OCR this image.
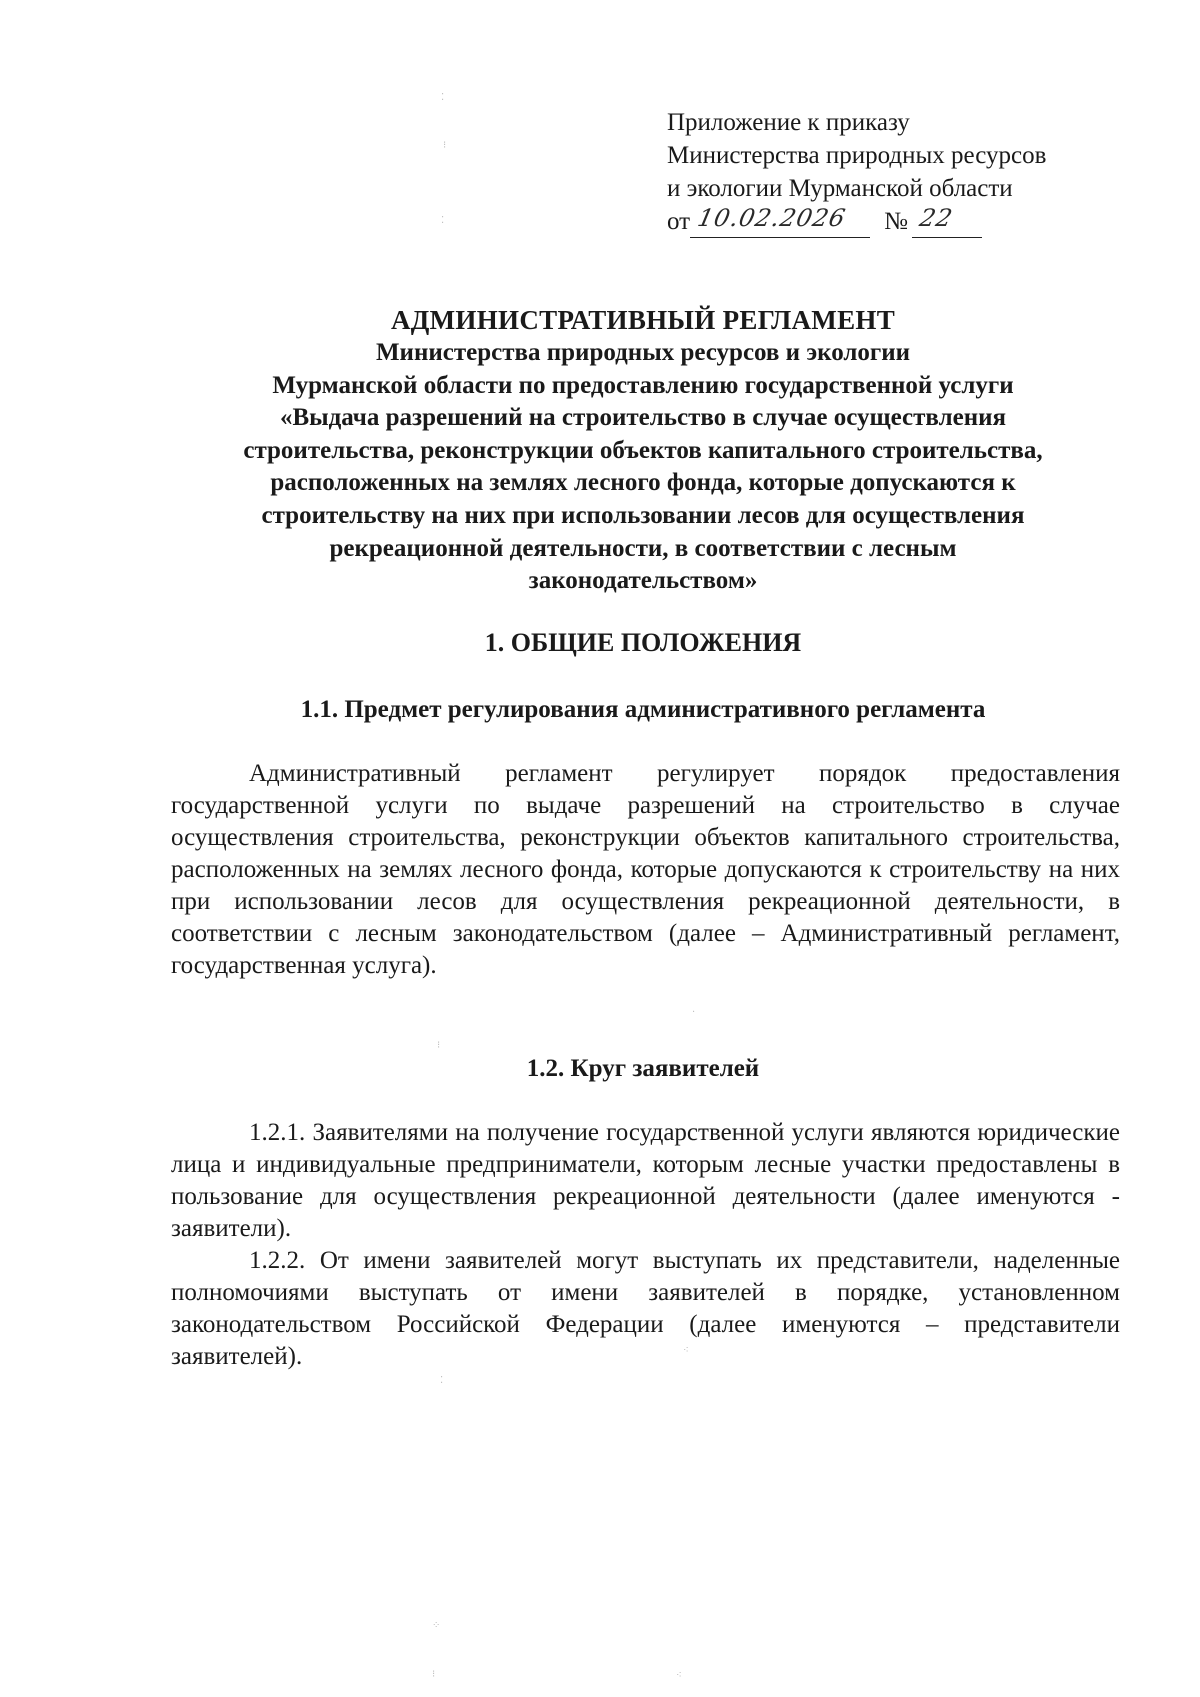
Приложение к приказу
Министерства природных ресурсов
и экологии Мурманской области
от 10.02.2026 № 22
АДМИНИСТРАТИВНЫЙ РЕГЛАМЕНТ
Министерства природных ресурсов и экологии
Мурманской области по предоставлению государственной услуги
«Выдача разрешений на строительство в случае осуществления
строительства, реконструкции объектов капитального строительства,
расположенных на землях лесного фонда, которые допускаются к
строительству на них при использовании лесов для осуществления
рекреационной деятельности, в соответствии с лесным
законодательством»
1. ОБЩИЕ ПОЛОЖЕНИЯ
1.1. Предмет регулирования административного регламента
Административный регламент регулирует порядок предоставления государственной услуги по выдаче разрешений на строительство в случае осуществления строительства, реконструкции объектов капитального строительства, расположенных на землях лесного фонда, которые допускаются к строительству на них при использовании лесов для осуществления рекреационной деятельности, в соответствии с лесным законодательством (далее – Административный регламент, государственная услуга).
1.2. Круг заявителей
1.2.1. Заявителями на получение государственной услуги являются юридические лица и индивидуальные предприниматели, которым лесные участки предоставлены в пользование для осуществления рекреационной деятельности (далее именуются - заявители).
1.2.2. От имени заявителей могут выступать их представители, наделенные полномочиями выступать от имени заявителей в порядке, установленном законодательством Российской Федерации (далее именуются – представители заявителей).
⁚
⁝
⁚
⁝
⁚
⁘
⁖
·
⁝	⁖
